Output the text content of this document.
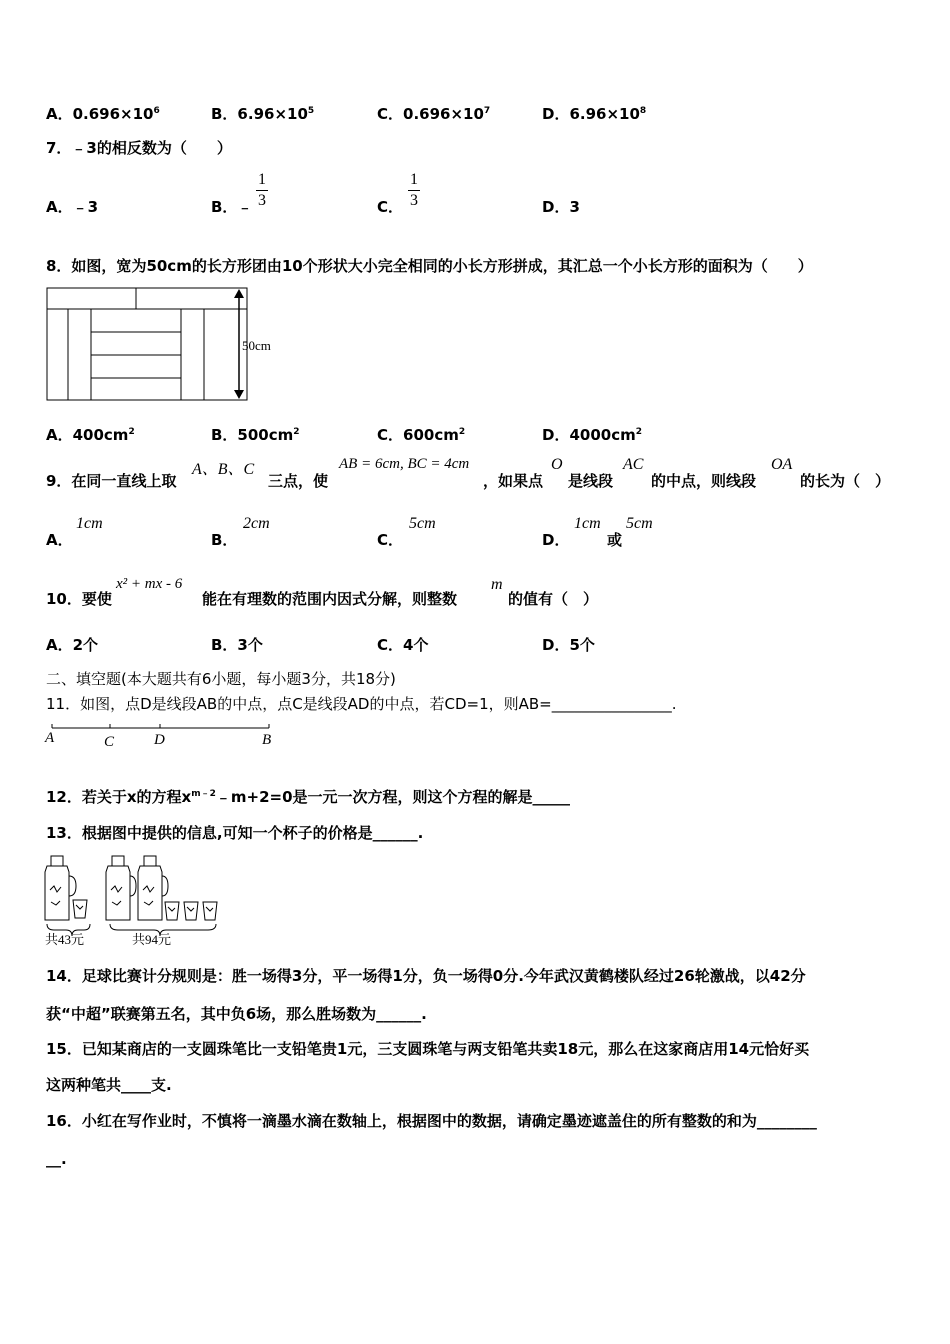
A．$0.696\times 10^6$	B．$6.96\times 10^5$	C．$0.696\times 10^7$	D．$6.96\times 10^8$
7．﹣3的相反数为（　　）
A．﹣3	B．﹣
1
3	C．
1
3	D．3
8．如图，宽为50cm的长方形团由10个形状大小完全相同的小长方形拼成，其汇总一个小长方形的面积为（　　）
50cm
A．$400cm^2$	B．$500cm^2$	C．$600cm^2$	D．$4000cm^2$
9．在同一直线上取
A、B、C
三点，使
AB = 6cm, BC = 4cm
，如果点
O
是线段
AC
的中点，则线段
OA
的长为（　）
A．
1cm
B．
2cm
C．
5cm
D．
1cm
或
5cm
10．要使
x² + mx - 6
能在有理数的范围内因式分解，则整数
m
的值有（　）
A．2个	B．3个	C．4个	D．5个
二、填空题(本大题共有6小题，每小题3分，共18分)
11．如图，点D是线段AB的中点，点C是线段AD的中点，若CD=1，则AB=________________.
A	C	D	B
12．若关于x的方程$x^{m﹣2}﹣m+2=0$是一元一次方程，则这个方程的解是_____
13．根据图中提供的信息,可知一个杯子的价格是______.
共43元	共94元
14．足球比赛计分规则是：胜一场得3分，平一场得1分，负一场得0分.今年武汉黄鹤楼队经过26轮激战，以42分
获“中超”联赛第五名，其中负6场，那么胜场数为______.
15．已知某商店的一支圆珠笔比一支铅笔贵1元，三支圆珠笔与两支铅笔共卖18元，那么在这家商店用14元恰好买
这两种笔共____支.
16．小红在写作业时，不慎将一滴墨水滴在数轴上，根据图中的数据，请确定墨迹遮盖住的所有整数的和为________
__.
